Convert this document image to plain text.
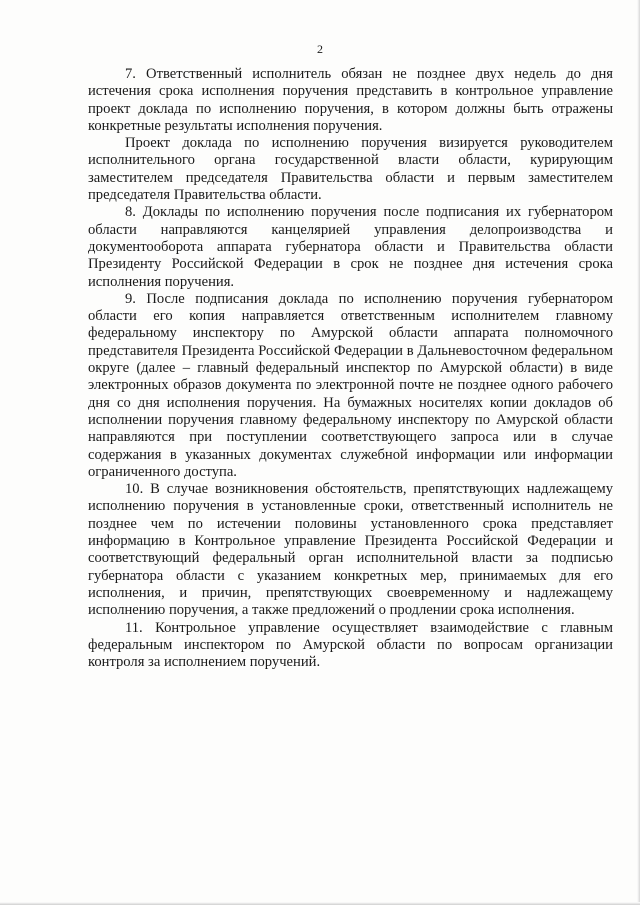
2

7. Ответственный исполнитель обязан не позднее двух недель до дня истечения срока исполнения поручения представить в контрольное управление проект доклада по исполнению поручения, в котором должны быть отражены конкретные результаты исполнения поручения.

Проект доклада по исполнению поручения визируется руководителем исполнительного органа государственной власти области, курирующим заместителем председателя Правительства области и первым заместителем председателя Правительства области.

8. Доклады по исполнению поручения после подписания их губернатором области направляются канцелярией управления делопроизводства и документооборота аппарата губернатора области и Правительства области Президенту Российской Федерации в срок не позднее дня истечения срока исполнения поручения.

9. После подписания доклада по исполнению поручения губернатором области его копия направляется ответственным исполнителем главному федеральному инспектору по Амурской области аппарата полномочного представителя Президента Российской Федерации в Дальневосточном федеральном округе (далее – главный федеральный инспектор по Амурской области) в виде электронных образов документа по электронной почте не позднее одного рабочего дня со дня исполнения поручения. На бумажных носителях копии докладов об исполнении поручения главному федеральному инспектору по Амурской области направляются при поступлении соответствующего запроса или в случае содержания в указанных документах служебной информации или информации ограниченного доступа.

10. В случае возникновения обстоятельств, препятствующих надлежащему исполнению поручения в установленные сроки, ответственный исполнитель не позднее чем по истечении половины установленного срока представляет информацию в Контрольное управление Президента Российской Федерации и соответствующий федеральный орган исполнительной власти за подписью губернатора области с указанием конкретных мер, принимаемых для его исполнения, и причин, препятствующих своевременному и надлежащему исполнению поручения, а также предложений о продлении срока исполнения.

11. Контрольное управление осуществляет взаимодействие с главным федеральным инспектором по Амурской области по вопросам организации контроля за исполнением поручений.
